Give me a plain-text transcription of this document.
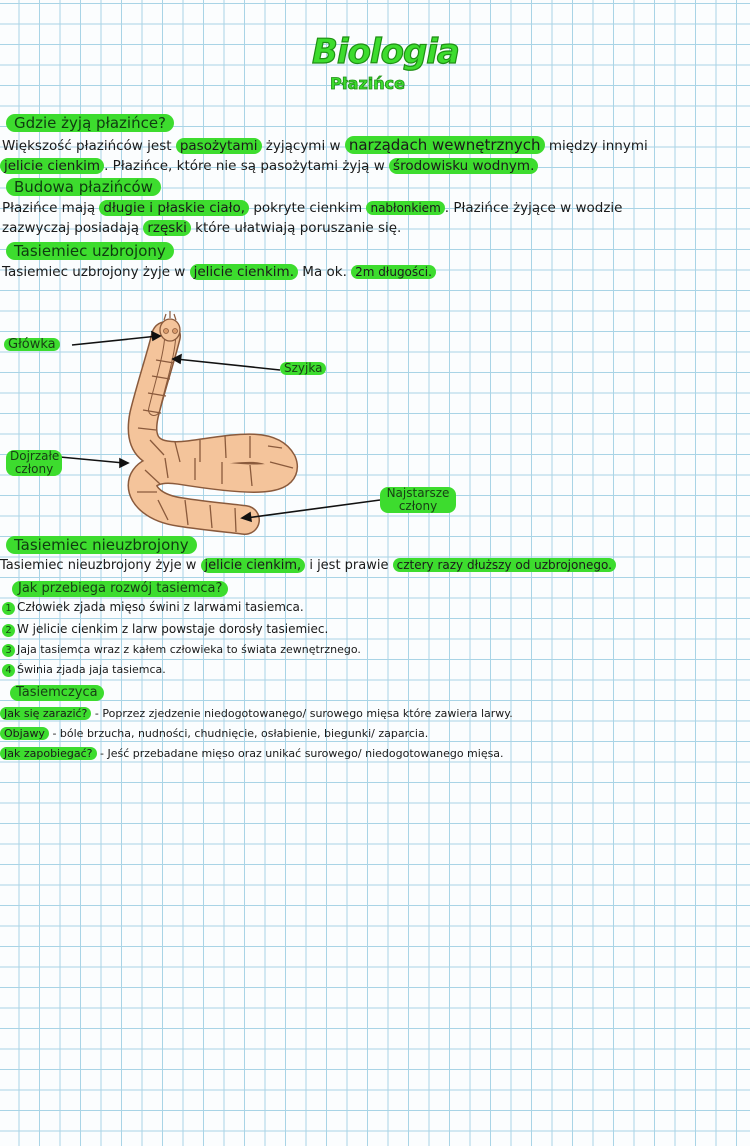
Biologia
Płazińce
Gdzie żyją płazińce?
Większość płazińców jest pasożytami żyjącymi w narządach wewnętrznych między innymi
jelicie cienkim . Płazińce, które nie są pasożytami żyją w środowisku wodnym.
Budowa płazińców
Płazińce mają długie i płaskie ciało, pokryte cienkim nabłonkiem . Płazińce żyjące w wodzie
zazwyczaj posiadają rzęski które ułatwiają poruszanie się.
Tasiemiec uzbrojony
Tasiemiec uzbrojony żyje w jelicie cienkim. Ma ok. 2m długości.
Główka
Szyjka
Dojrzałe
człony
Najstarsze
człony
Tasiemiec nieuzbrojony
Tasiemiec nieuzbrojony żyje w jelicie cienkim, i jest prawie cztery razy dłuższy od uzbrojonego.
Jak przebiega rozwój tasiemca?
1 Człowiek zjada mięso świni z larwami tasiemca.
2 W jelicie cienkim z larw powstaje dorosły tasiemiec.
3 Jaja tasiemca wraz z kałem człowieka to świata zewnętrznego.
4 Świnia zjada jaja tasiemca.
Tasiemczyca
Jak się zarazić? - Poprzez zjedzenie niedogotowanego/ surowego mięsa które zawiera larwy.
Objawy - bóle brzucha, nudności, chudnięcie, osłabienie, biegunki/ zaparcia.
Jak zapobiegać? - Jeść przebadane mięso oraz unikać surowego/ niedogotowanego mięsa.
